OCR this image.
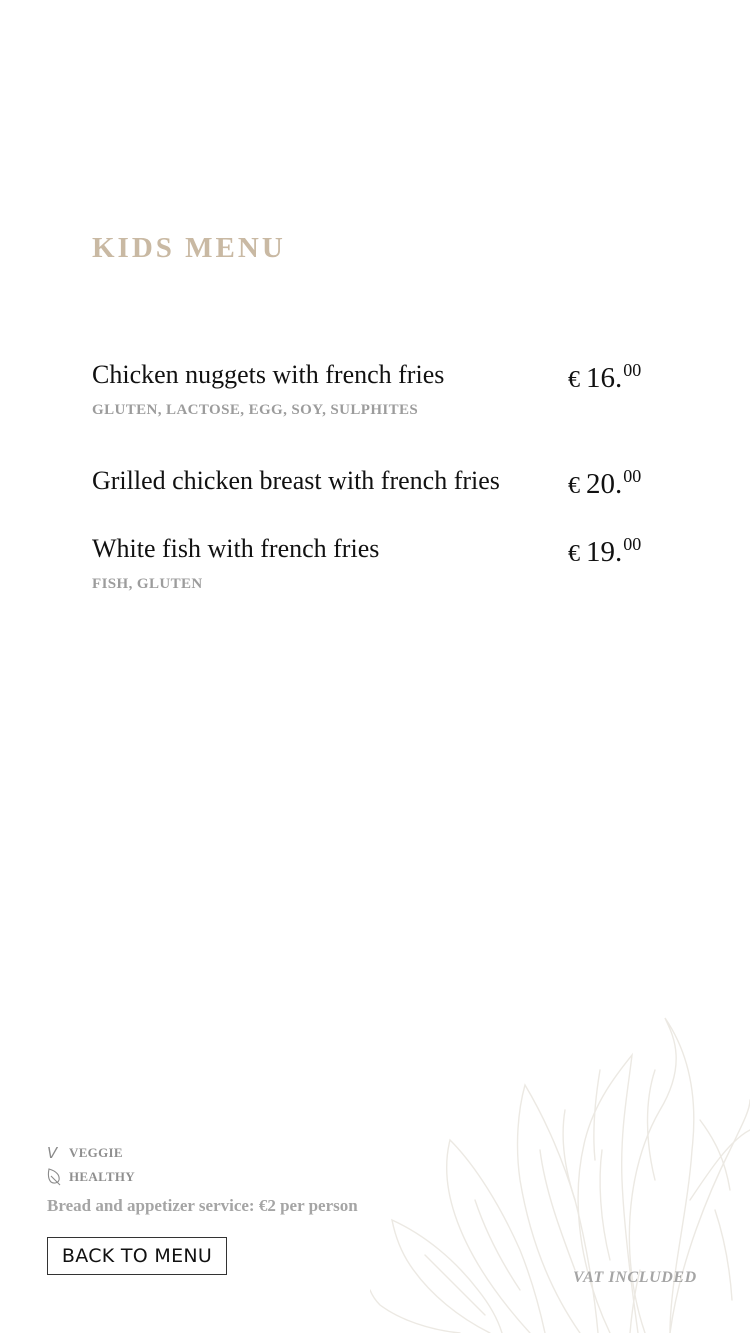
KIDS MENU
Chicken nuggets with french fries	€ 16.00
GLUTEN, LACTOSE, EGG, SOY, SULPHITES
Grilled chicken breast with french fries	€ 20.00
White fish with french fries	€ 19.00
FISH, GLUTEN
V VEGGIE
HEALTHY
Bread and appetizer service: €2 per person
BACK TO MENU
VAT INCLUDED
